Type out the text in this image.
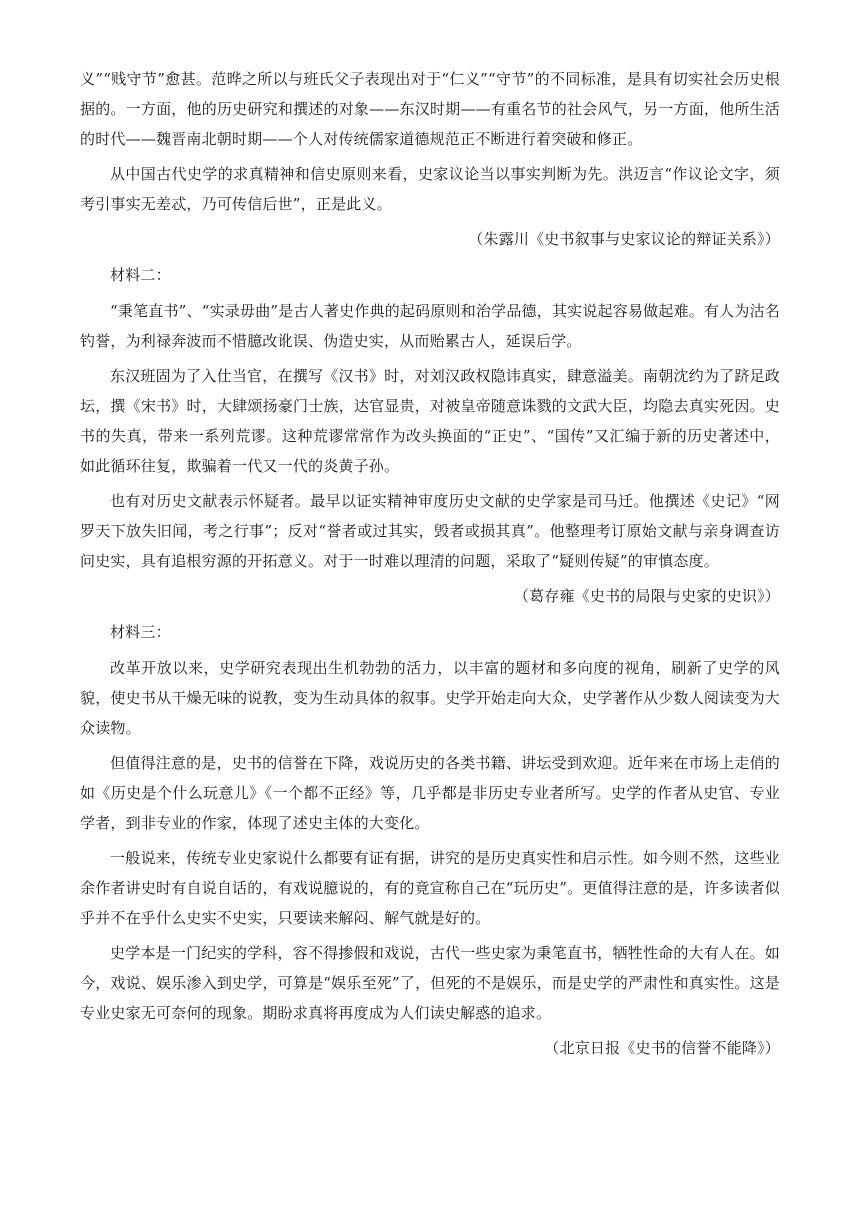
义”“贱守节”愈甚。范晔之所以与班氏父子表现出对于“仁义”“守节”的不同标准，是具有切实社会历史根据的。一方面，他的历史研究和撰述的对象——东汉时期——有重名节的社会风气，另一方面，他所生活的时代——魏晋南北朝时期——个人对传统儒家道德规范正不断进行着突破和修正。

从中国古代史学的求真精神和信史原则来看，史家议论当以事实判断为先。洪迈言“作议论文字，须考引事实无差忒，乃可传信后世”，正是此义。

（朱露川《史书叙事与史家议论的辩证关系》）

材料二：

“秉笔直书”、“实录毋曲”是古人著史作典的起码原则和治学品德，其实说起容易做起难。有人为沽名钓誉，为利禄奔波而不惜臆改讹误、伪造史实，从而贻累古人，延误后学。

东汉班固为了入仕当官，在撰写《汉书》时，对刘汉政权隐讳真实，肆意溢美。南朝沈约为了跻足政坛，撰《宋书》时，大肆颂扬豪门士族，达官显贵，对被皇帝随意诛戮的文武大臣，均隐去真实死因。史书的失真，带来一系列荒谬。这种荒谬常常作为改头换面的“正史”、“国传”又汇编于新的历史著述中，如此循环往复，欺骗着一代又一代的炎黄子孙。

也有对历史文献表示怀疑者。最早以证实精神审度历史文献的史学家是司马迁。他撰述《史记》“网罗天下放失旧闻，考之行事”；反对“誉者或过其实，毁者或损其真”。他整理考订原始文献与亲身调查访问史实，具有追根穷源的开拓意义。对于一时难以理清的问题，采取了“疑则传疑”的审慎态度。

（葛存雍《史书的局限与史家的史识》）

材料三：

改革开放以来，史学研究表现出生机勃勃的活力，以丰富的题材和多向度的视角，刷新了史学的风貌，使史书从干燥无味的说教，变为生动具体的叙事。史学开始走向大众，史学著作从少数人阅读变为大众读物。

但值得注意的是，史书的信誉在下降，戏说历史的各类书籍、讲坛受到欢迎。近年来在市场上走俏的如《历史是个什么玩意儿》《一个都不正经》等，几乎都是非历史专业者所写。史学的作者从史官、专业学者，到非专业的作家，体现了述史主体的大变化。

一般说来，传统专业史家说什么都要有证有据，讲究的是历史真实性和启示性。如今则不然，这些业余作者讲史时有自说自话的，有戏说臆说的，有的竟宣称自己在“玩历史”。更值得注意的是，许多读者似乎并不在乎什么史实不史实，只要读来解闷、解气就是好的。

史学本是一门纪实的学科，容不得掺假和戏说，古代一些史家为秉笔直书，牺牲性命的大有人在。如今，戏说、娱乐渗入到史学，可算是“娱乐至死”了，但死的不是娱乐，而是史学的严肃性和真实性。这是专业史家无可奈何的现象。期盼求真将再度成为人们读史解惑的追求。

（北京日报《史书的信誉不能降》）
